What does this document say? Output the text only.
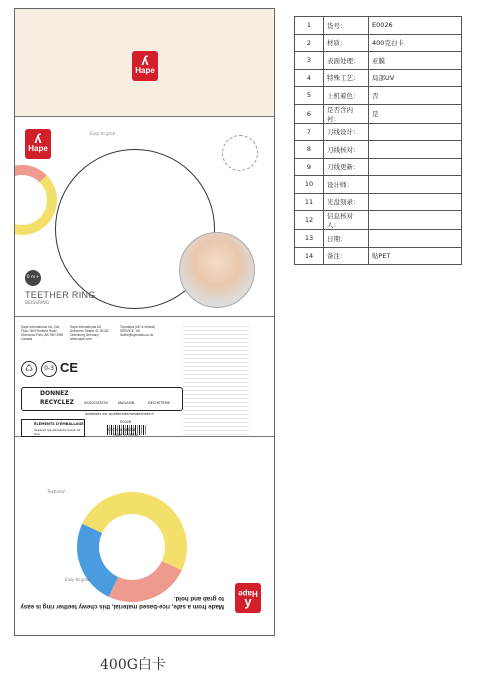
ʎ
Hape
ʎ
Hape
Easy to grab
0 m+
TEETHER RING
BEISSRING
Hape International Inc. 2nd Floor 180 Pembina Road Sherwood Park, AB T8H 2W8 Canada
Hape International AG Ahlhorner Straße 41 26133 Oldenburg Germany www.hape.com
Toymatics (UK & Ireland) SERVICE, UK Sales@toymatics.co.uk
♺	0-3 CE
DONNEZ
RECYCLEZ	ASSOCIATION	MAGASIN	DÉCHETERIE
Adresses sur quefairedemesdechets.fr
ÉLÉMENTS D'EMBALLAGE
Séparez les éléments avant de trier
E0026
6 943478 043308
MADE IN CHINA
Textured
Easy to grab
Made from a safe, rice-based material, this chewy teether ring is easy to grab and hold.	ʎ
Hape
1	货号：	E0026
2	材质：	400克白卡
3	表面处理：	亚膜
4	特殊工艺：	局部UV
5	上机着色：	否
6	是否含内衬：	是
7	刀线设计：	
8	刀线核对：	
9	刀线更新：	
10	设计师：	
11	光盘刻录：	
12	信息核对人：	
13	日期：	
14	备注：	贴PET
400G白卡
